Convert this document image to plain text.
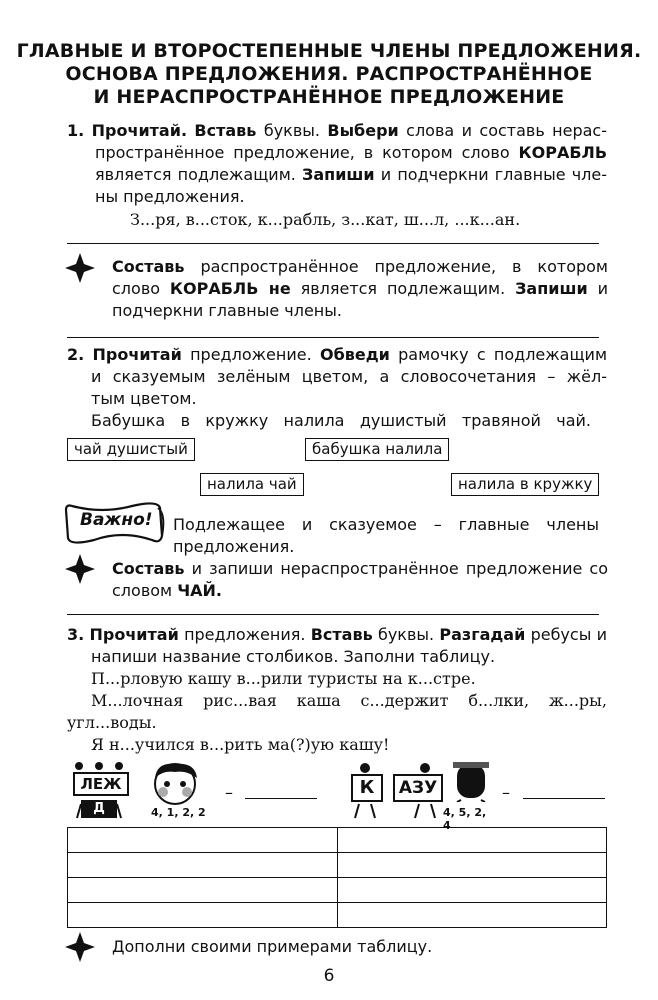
ГЛАВНЫЕ И ВТОРОСТЕПЕННЫЕ ЧЛЕНЫ ПРЕДЛОЖЕНИЯ.
ОСНОВА ПРЕДЛОЖЕНИЯ. РАСПРОСТРАНЁННОЕ
И НЕРАСПРОСТРАНЁННОЕ ПРЕДЛОЖЕНИЕ
1. Прочитай. Вставь буквы. Выбери слова и составь нерас-
пространённое предложение, в котором слово КОРАБЛЬ
является подлежащим. Запиши и подчеркни главные чле-
ны предложения.
З...ря, в...сток, к...рабль, з...кат, ш...л, ...к...ан.
Составь распространённое предложение, в котором
слово КОРАБЛЬ не является подлежащим. Запиши и
подчеркни главные члены.
2. Прочитай предложение. Обведи рамочку с подлежащим
и сказуемым зелёным цветом, а словосочетания – жёл-
тым цветом.
Бабушка в кружку налила душистый травяной чай.
чай душистый	бабушка налила
налила чай	налила в кружку
Важно! Подлежащее и сказуемое – главные члены
предложения.
Составь и запиши нераспространённое предложение со
словом ЧАЙ.
3. Прочитай предложения. Вставь буквы. Разгадай ребусы и
напиши название столбиков. Заполни таблицу.
П...рловую кашу в...рили туристы на к...стре.
М...лочная рис...вая каша с...держит б...лки, ж...ры,
угл...воды.
Я н...учился в...рить ма(?)ую кашу!
ЛЕЖ
Д	4, 1, 2, 2
–	К	АЗУ
4, 5, 2, 4
–

Дополни своими примерами таблицу.
6
